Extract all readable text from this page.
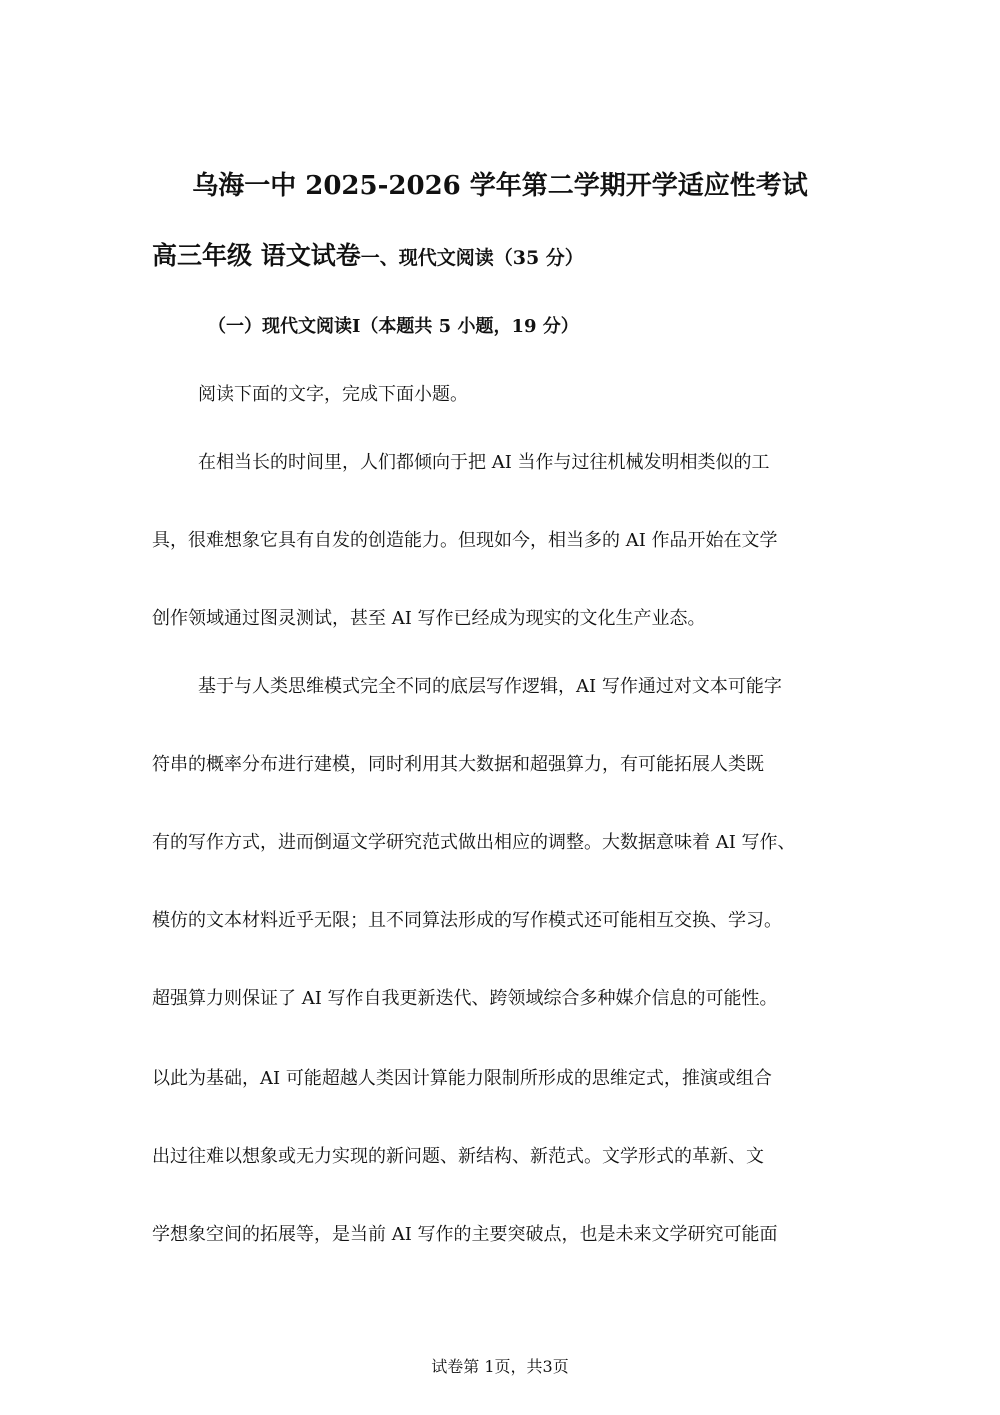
乌海一中 2025-2026 学年第二学期开学适应性考试
高三年级 语文试卷一、现代文阅读（35 分）
（一）现代文阅读Ⅰ（本题共 5 小题，19 分）
阅读下面的文字，完成下面小题。
在相当长的时间里，人们都倾向于把 AI 当作与过往机械发明相类似的工
具，很难想象它具有自发的创造能力。但现如今，相当多的 AI 作品开始在文学
创作领域通过图灵测试，甚至 AI 写作已经成为现实的文化生产业态。
基于与人类思维模式完全不同的底层写作逻辑，AI 写作通过对文本可能字
符串的概率分布进行建模，同时利用其大数据和超强算力，有可能拓展人类既
有的写作方式，进而倒逼文学研究范式做出相应的调整。大数据意味着 AI 写作、
模仿的文本材料近乎无限；且不同算法形成的写作模式还可能相互交换、学习。
超强算力则保证了 AI 写作自我更新迭代、跨领域综合多种媒介信息的可能性。
以此为基础，AI 可能超越人类因计算能力限制所形成的思维定式，推演或组合
出过往难以想象或无力实现的新问题、新结构、新范式。文学形式的革新、文
学想象空间的拓展等，是当前 AI 写作的主要突破点，也是未来文学研究可能面
试卷第 1页，共3页
